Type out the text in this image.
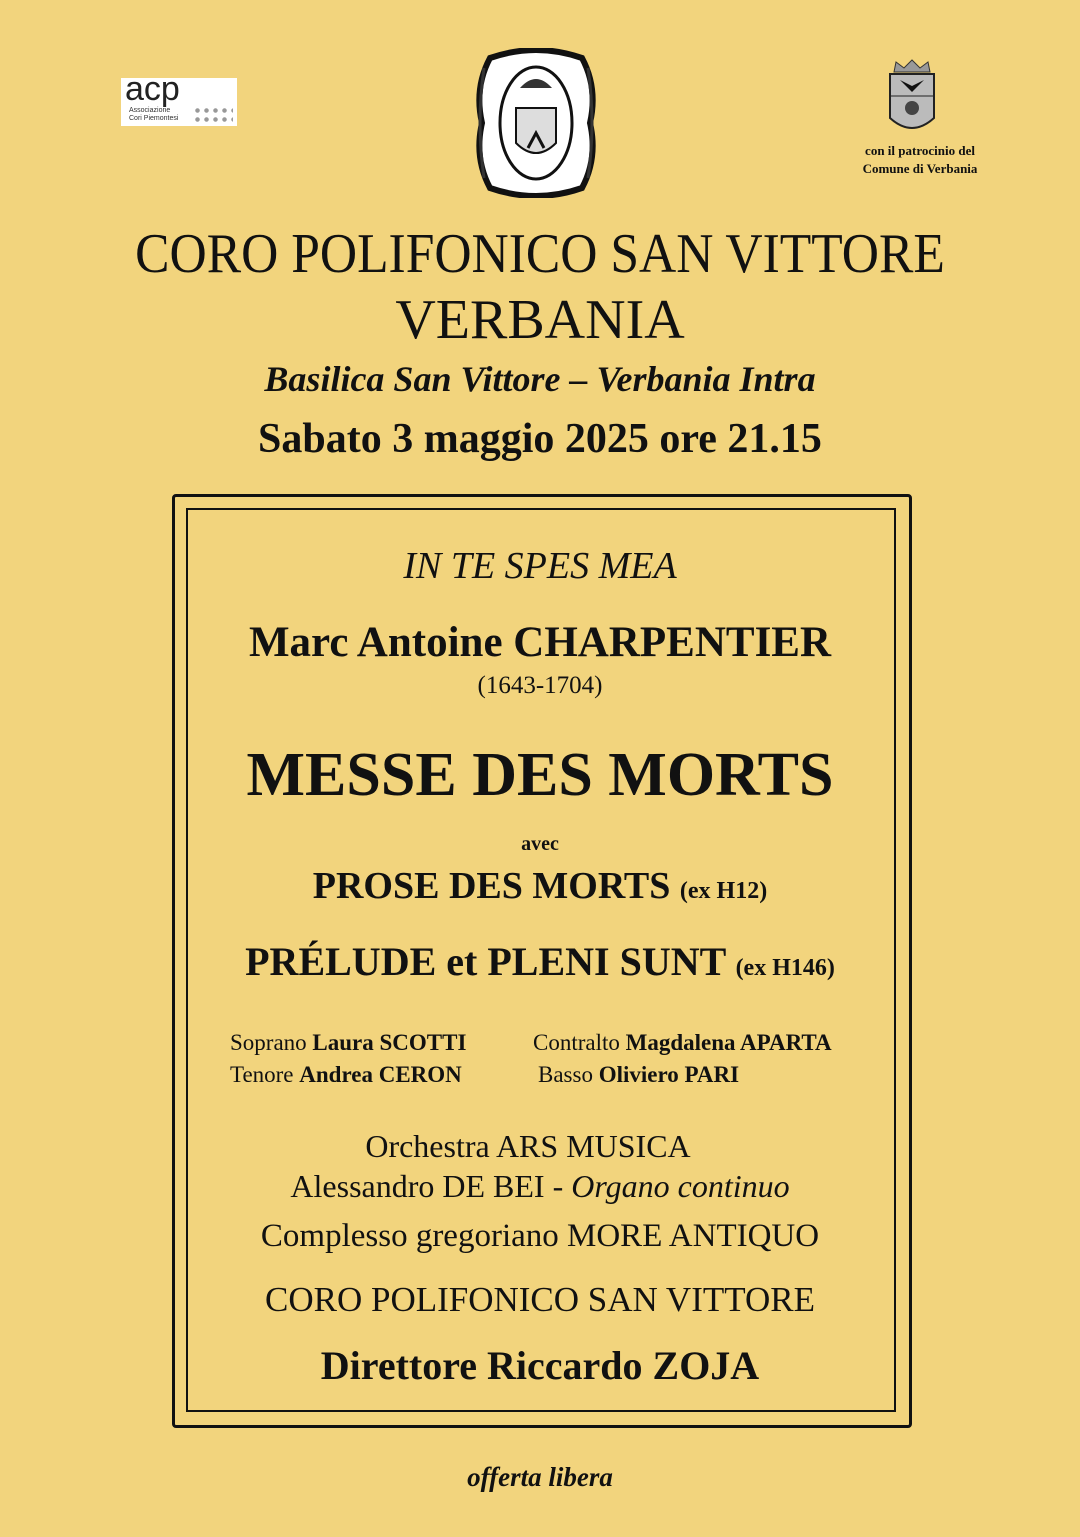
acp
Associazione
Cori Piemontesi
con il patrocinio del
Comune di Verbania
CORO POLIFONICO SAN VITTORE
VERBANIA
Basilica San Vittore – Verbania Intra
Sabato 3 maggio 2025 ore 21.15
IN TE SPES MEA
Marc Antoine CHARPENTIER
(1643-1704)
MESSE DES MORTS
avec
PROSE DES MORTS (ex H12)
PRÉLUDE et PLENI SUNT (ex H146)
Soprano Laura SCOTTI	Contralto Magdalena APARTA
Tenore Andrea CERON	Basso Oliviero PARI
Orchestra ARS MUSICA
Alessandro DE BEI - Organo continuo
Complesso gregoriano MORE ANTIQUO
CORO POLIFONICO SAN VITTORE
Direttore Riccardo ZOJA
offerta libera
